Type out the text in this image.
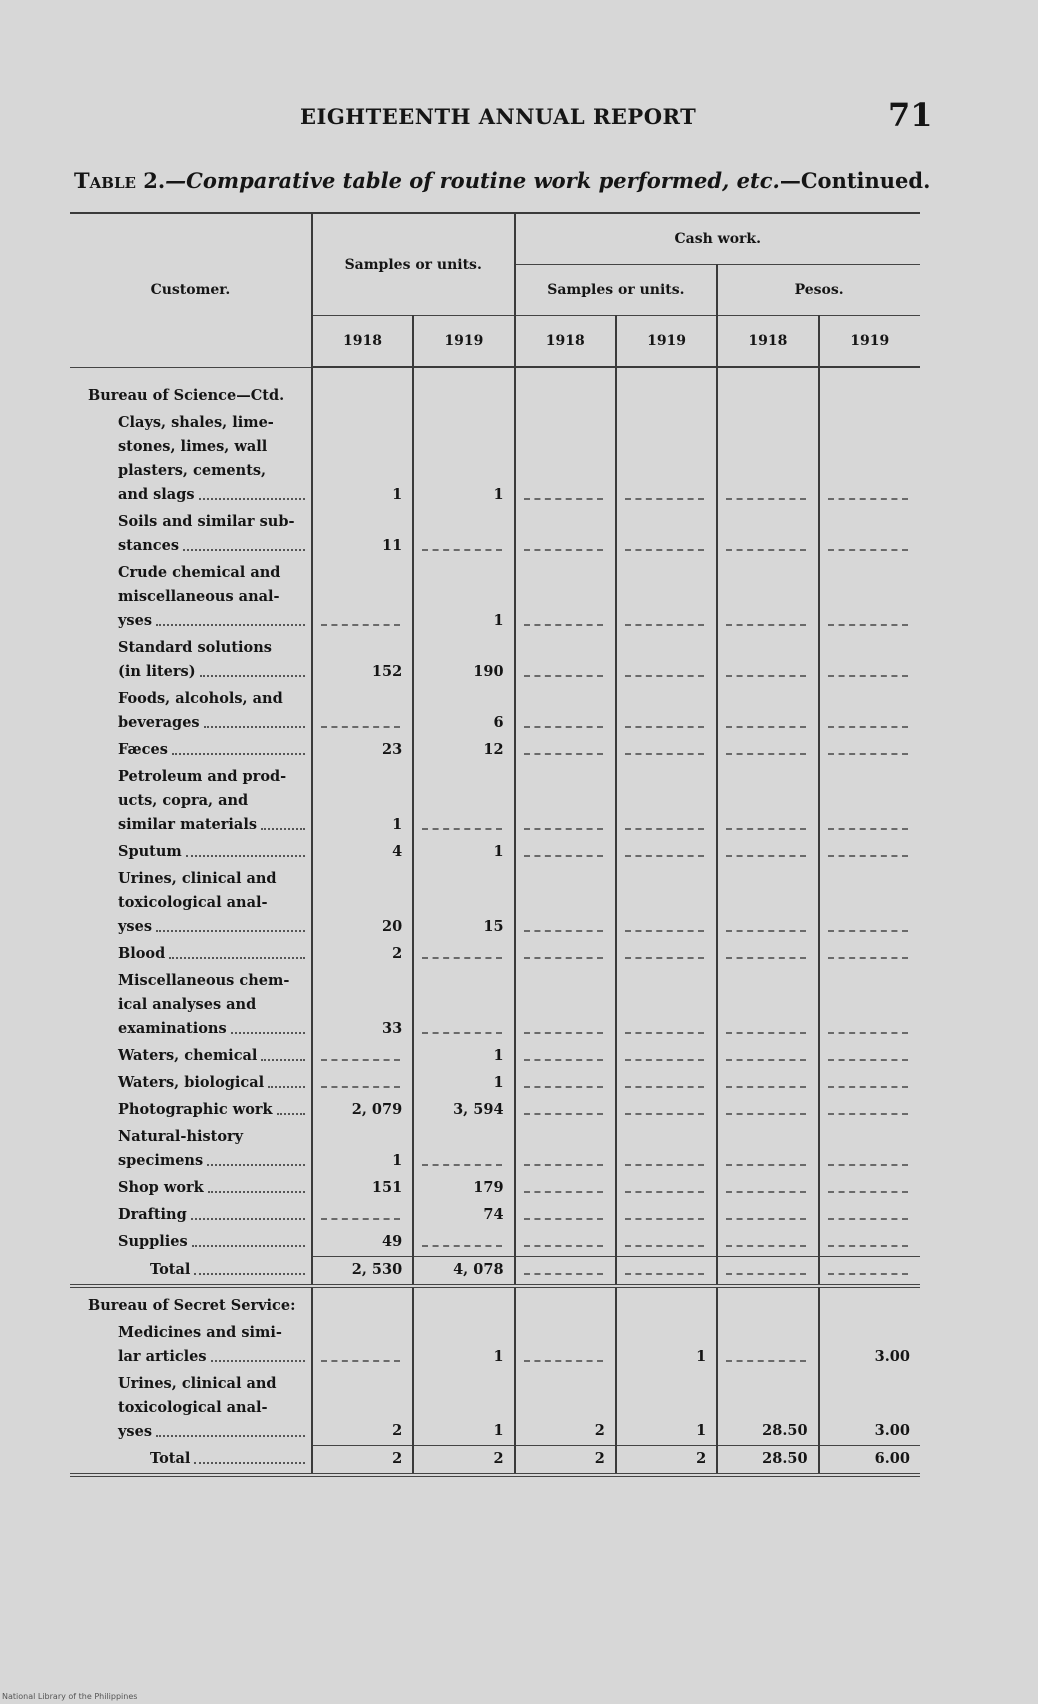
EIGHTEENTH ANNUAL REPORT	71
Table 2.—Comparative table of routine work performed, etc.—Continued.
Customer.	Samples or units.		Cash work.			
			Samples or units.		Pesos.	
	1918	1919	1918	1919	1918	1919
Bureau of Science—Ctd.						

Clays, shales, lime-
stones, limes, wall
plasters, cements,
and slags	1	1	

Soils and similar sub-
stances	11	

Crude chemical and
miscellaneous anal-
yses		1	

Standard solutions
(in liters)	152	190	

Foods, alcohols, and
beverages		6	

Fæces	23	12	

Petroleum and prod-
ucts, copra, and
similar materials	1	

Sputum	4	1	

Urines, clinical and
toxicological anal-
yses	20	15	

Blood	2	

Miscellaneous chem-
ical analyses and
examinations	33	

Waters, chemical		1	

Waters, biological		1	

Photographic work	2, 079	3, 594	

Natural-history
specimens	1	

Shop work	151	179	

Drafting		74	

Supplies	49	

Total	2, 530	4, 078	

Bureau of Secret Service:						

Medicines and simi-
lar articles		1		1		3.00

Urines, clinical and
toxicological anal-
yses	2	1	2	1	28.50	3.00

Total	2	2	2	2	28.50	6.00
National Library of the Philippines
